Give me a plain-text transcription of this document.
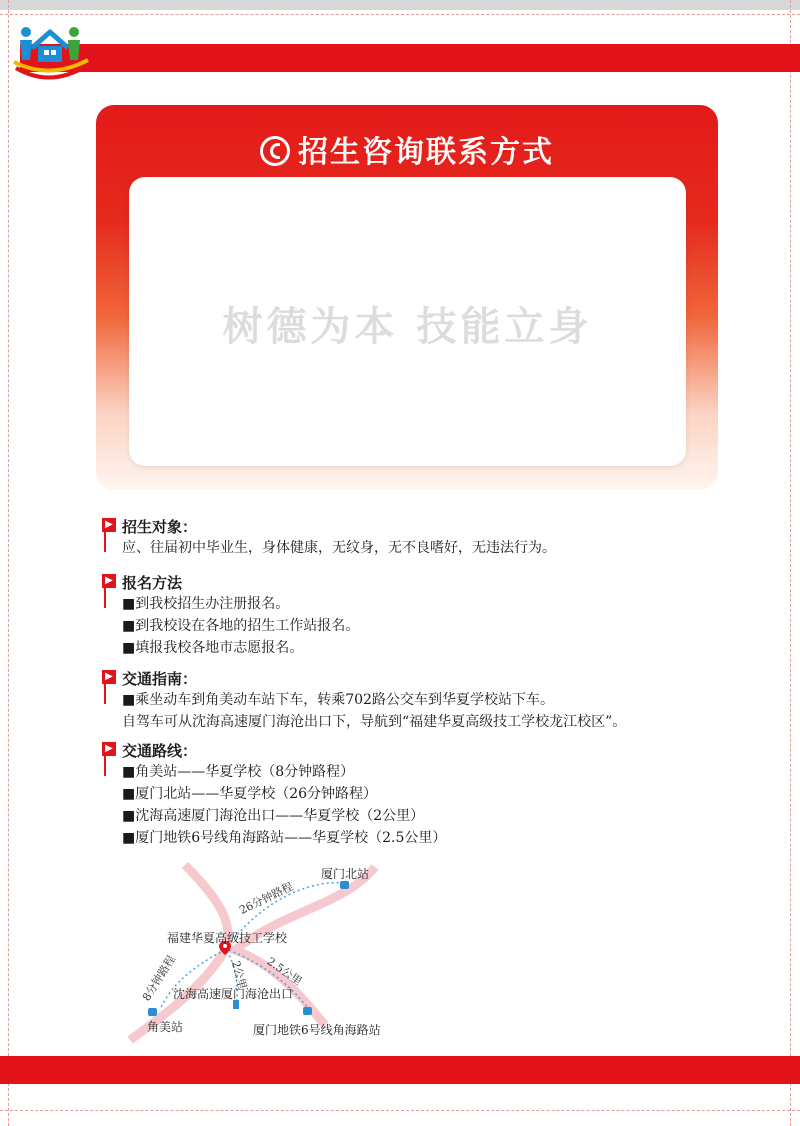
招生咨询联系方式
树德为本 技能立身
▶ 招生对象：
应、往届初中毕业生，身体健康，无纹身，无不良嗜好，无违法行为。
▶ 报名方法
■到我校招生办注册报名。
■到我校设在各地的招生工作站报名。
■填报我校各地市志愿报名。
▶ 交通指南：
■乘坐动车到角美动车站下车，转乘702路公交车到华夏学校站下车。
自驾车可从沈海高速厦门海沧出口下，导航到“福建华夏高级技工学校龙江校区”。
▶ 交通路线：
■角美站——华夏学校（8分钟路程）
■厦门北站——华夏学校（26分钟路程）
■沈海高速厦门海沧出口——华夏学校（2公里）
■厦门地铁6号线角海路站——华夏学校（2.5公里）
厦门北站
福建华夏高级技工学校
沈海高速厦门海沧出口
角美站	厦门地铁6号线角海路站
26分钟路程
8分钟路程	2公里 2.5公里
